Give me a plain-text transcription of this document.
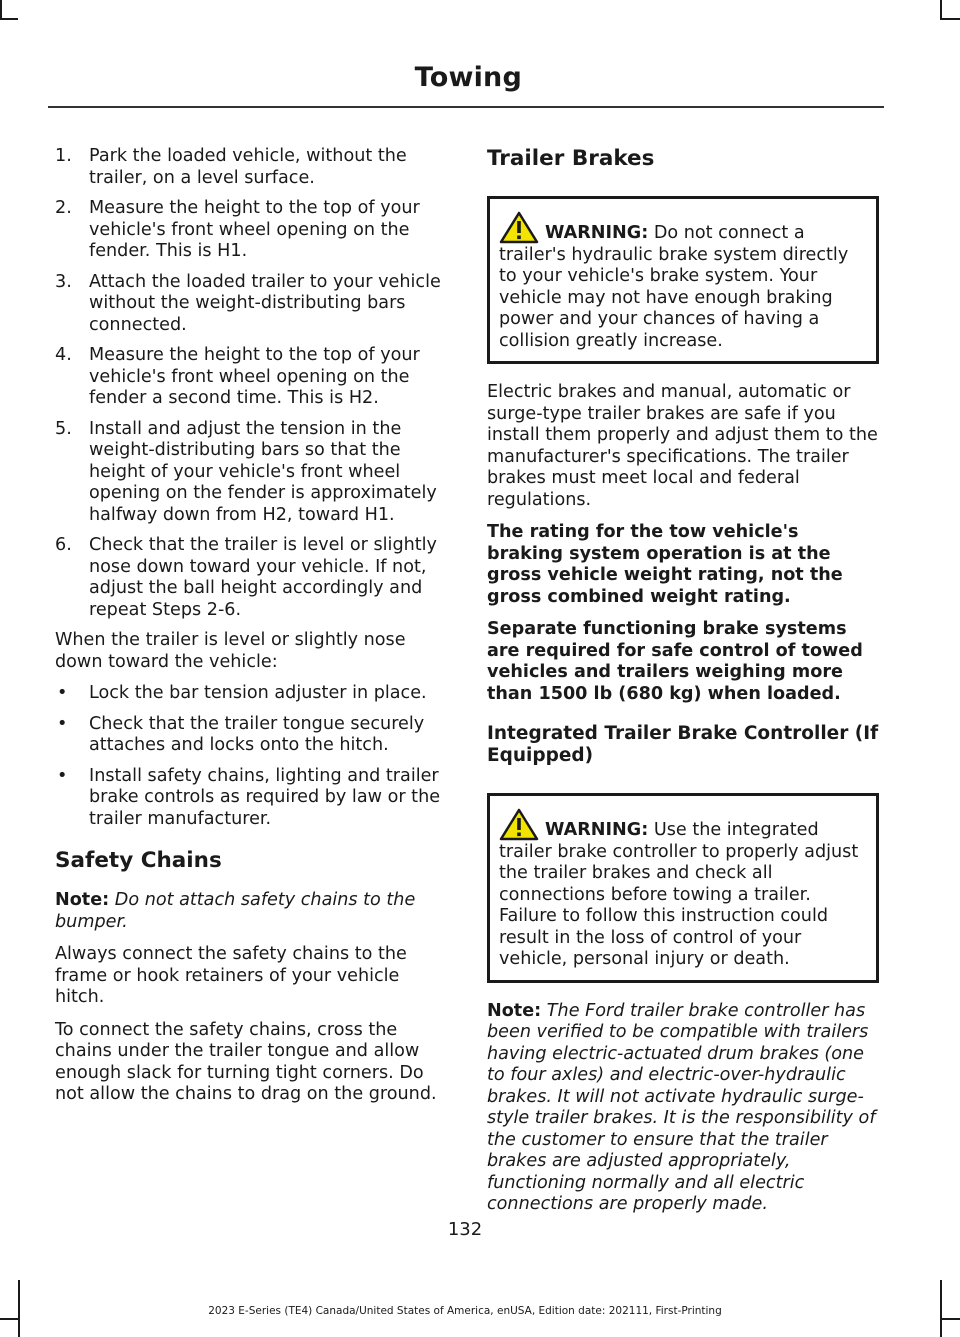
Towing
1. Park the loaded vehicle, without the trailer, on a level surface.
2. Measure the height to the top of your vehicle's front wheel opening on the fender. This is H1.
3. Attach the loaded trailer to your vehicle without the weight-distributing bars connected.
4. Measure the height to the top of your vehicle's front wheel opening on the fender a second time. This is H2.
5. Install and adjust the tension in the weight-distributing bars so that the height of your vehicle's front wheel opening on the fender is approximately halfway down from H2, toward H1.
6. Check that the trailer is level or slightly nose down toward your vehicle. If not, adjust the ball height accordingly and repeat Steps 2-6.

When the trailer is level or slightly nose down toward the vehicle:

• Lock the bar tension adjuster in place.
• Check that the trailer tongue securely attaches and locks onto the hitch.
• Install safety chains, lighting and trailer brake controls as required by law or the trailer manufacturer.
Safety Chains

Note: Do not attach safety chains to the bumper.

Always connect the safety chains to the frame or hook retainers of your vehicle hitch.

To connect the safety chains, cross the chains under the trailer tongue and allow enough slack for turning tight corners. Do not allow the chains to drag on the ground.

Trailer Brakes
WARNING: Do not connect a trailer's hydraulic brake system directly to your vehicle's brake system. Your vehicle may not have enough braking power and your chances of having a collision greatly increase.

Electric brakes and manual, automatic or surge-type trailer brakes are safe if you install them properly and adjust them to the manufacturer's specifications. The trailer brakes must meet local and federal regulations.

The rating for the tow vehicle's braking system operation is at the gross vehicle weight rating, not the gross combined weight rating.

Separate functioning brake systems are required for safe control of towed vehicles and trailers weighing more than 1500 lb (680 kg) when loaded.

Integrated Trailer Brake Controller (If Equipped)
WARNING: Use the integrated trailer brake controller to properly adjust the trailer brakes and check all connections before towing a trailer. Failure to follow this instruction could result in the loss of control of your vehicle, personal injury or death.

Note: The Ford trailer brake controller has been verified to be compatible with trailers having electric-actuated drum brakes (one to four axles) and electric-over-hydraulic brakes. It will not activate hydraulic surge-style trailer brakes. It is the responsibility of the customer to ensure that the trailer brakes are adjusted appropriately, functioning normally and all electric connections are properly made.

132
2023 E-Series (TE4) Canada/United States of America, enUSA, Edition date: 202111, First-Printing
